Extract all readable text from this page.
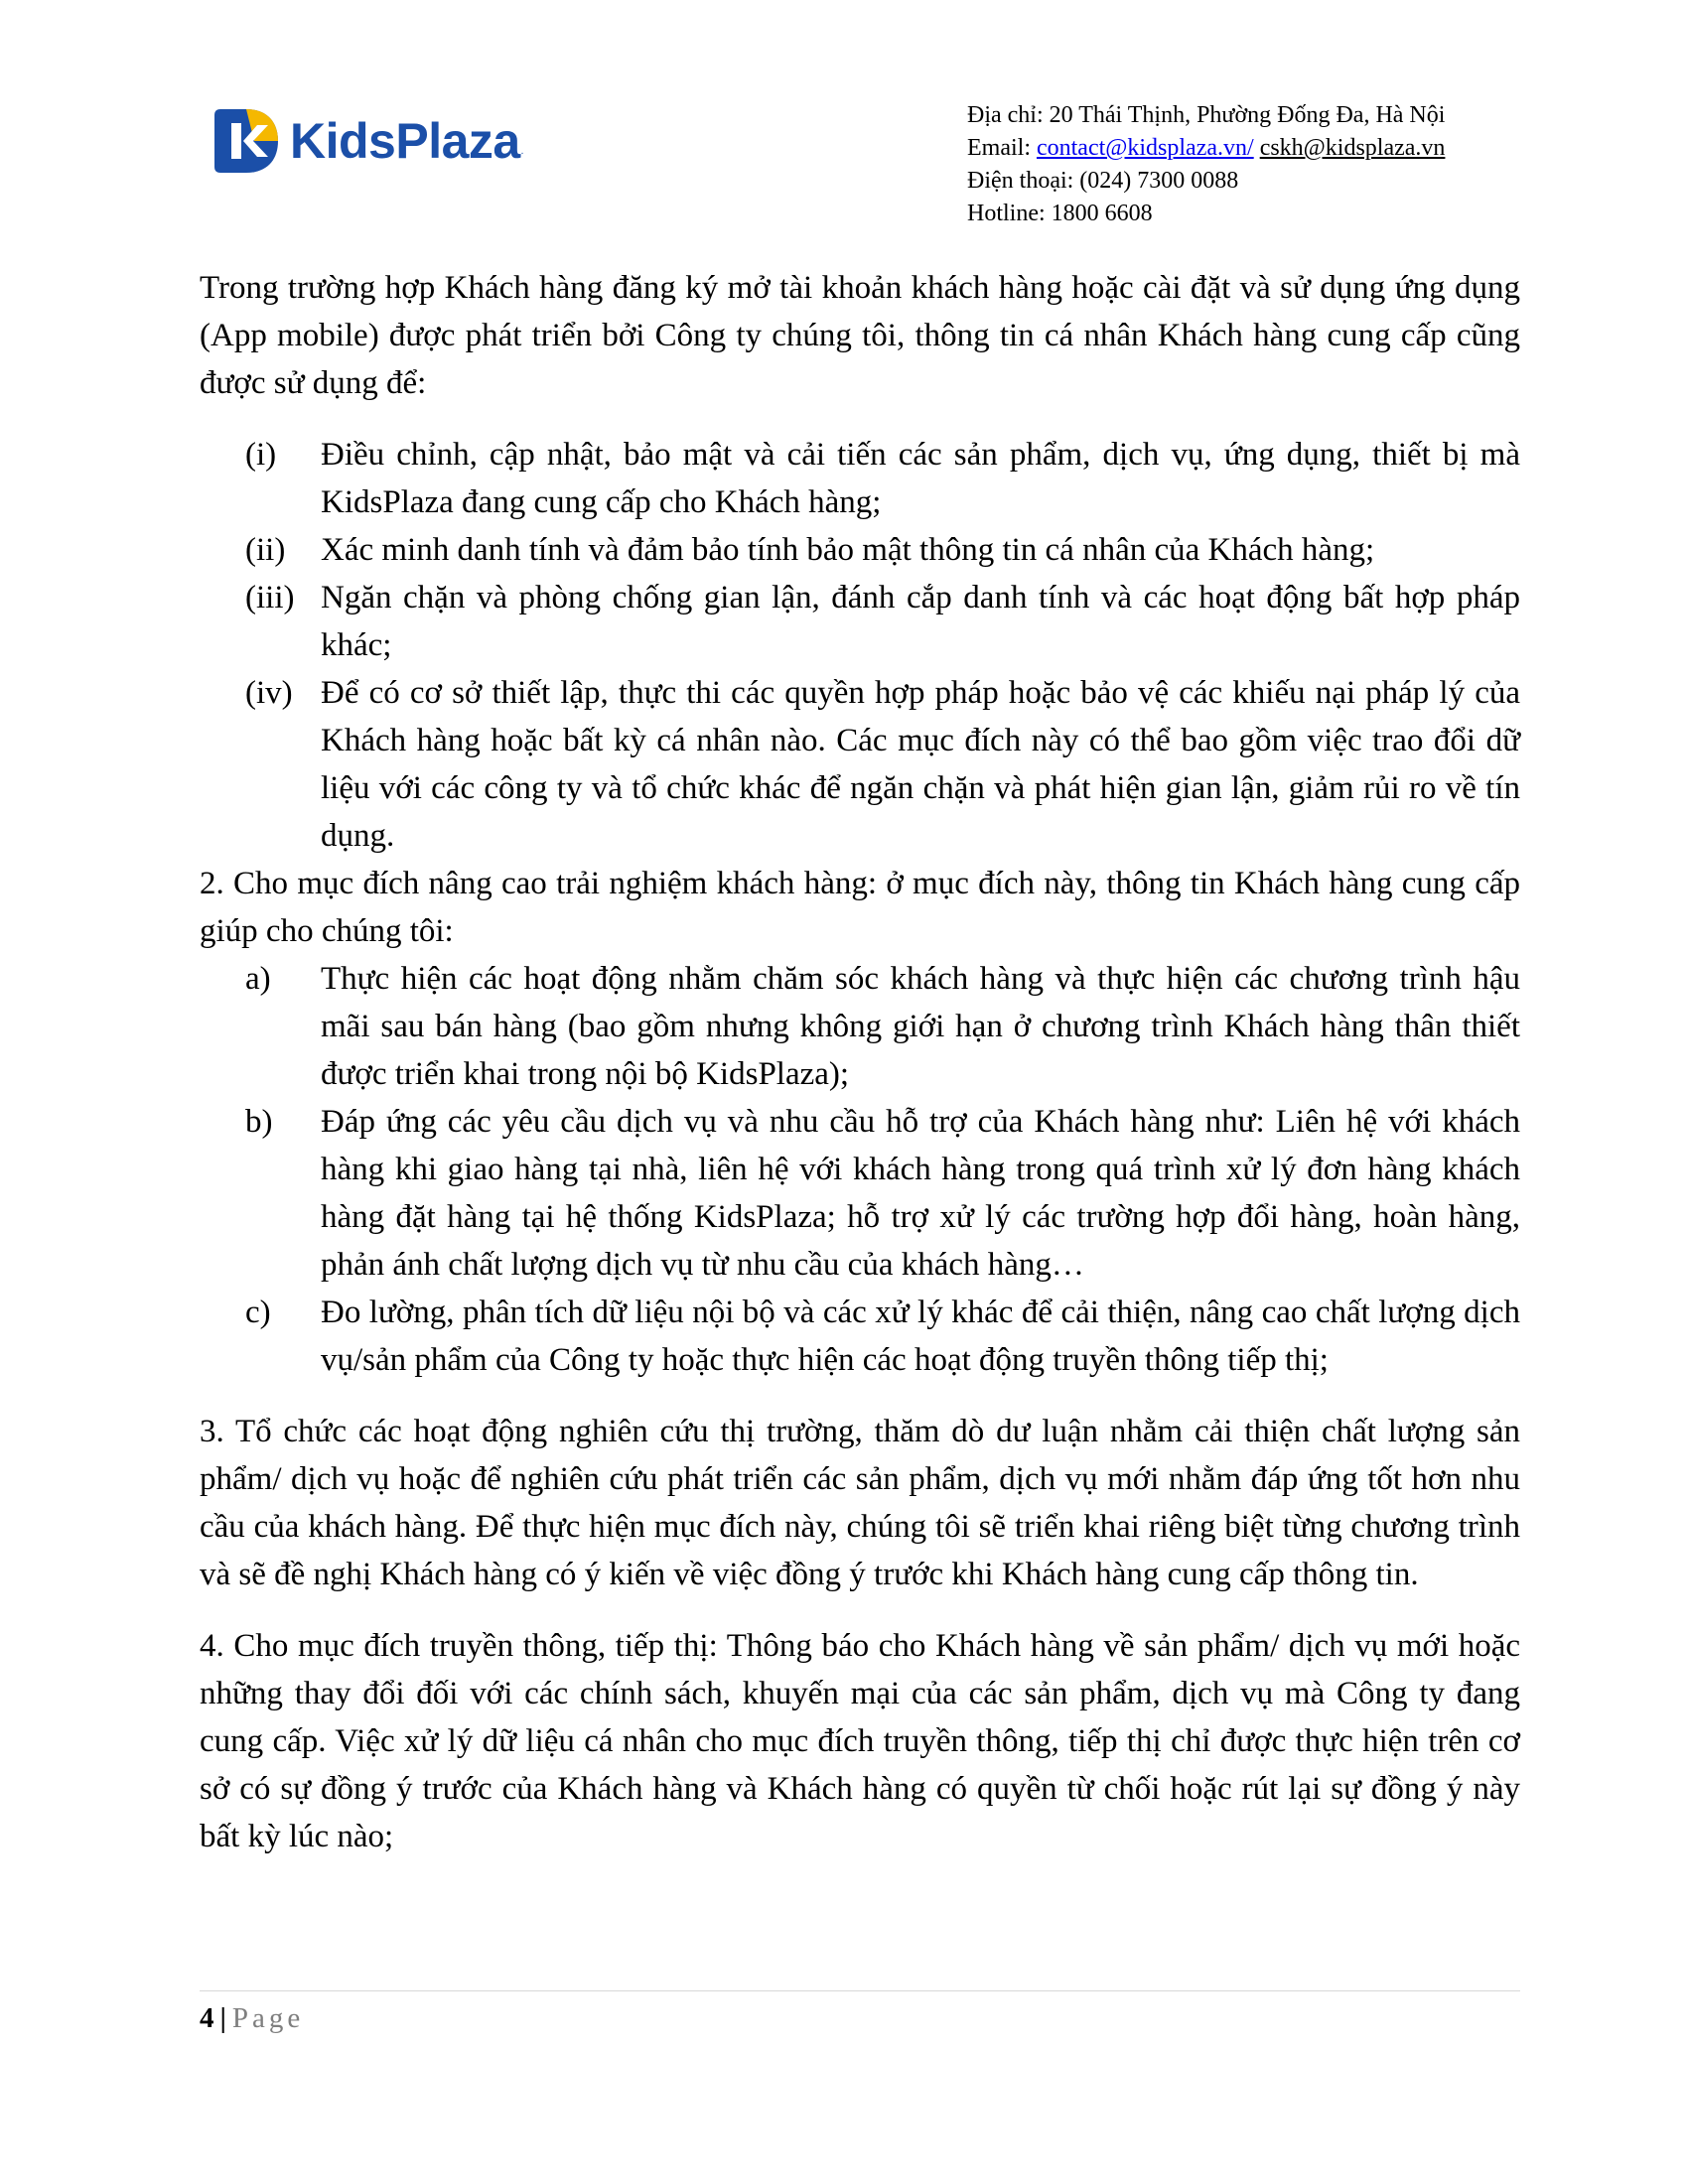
KidsPlaza .
Địa chỉ: 20 Thái Thịnh, Phường Đống Đa, Hà Nội
Email: contact@kidsplaza.vn/ cskh@kidsplaza.vn
Điện thoại: (024) 7300 0088
Hotline: 1800 6608

Trong trường hợp Khách hàng đăng ký mở tài khoản khách hàng hoặc cài đặt và sử dụng ứng dụng (App mobile) được phát triển bởi Công ty chúng tôi, thông tin cá nhân Khách hàng cung cấp cũng được sử dụng để:

(i)	Điều chỉnh, cập nhật, bảo mật và cải tiến các sản phẩm, dịch vụ, ứng dụng, thiết bị mà KidsPlaza đang cung cấp cho Khách hàng;
(ii)	Xác minh danh tính và đảm bảo tính bảo mật thông tin cá nhân của Khách hàng;
(iii) Ngăn chặn và phòng chống gian lận, đánh cắp danh tính và các hoạt động bất hợp pháp khác;
(iv) Để có cơ sở thiết lập, thực thi các quyền hợp pháp hoặc bảo vệ các khiếu nại pháp lý của Khách hàng hoặc bất kỳ cá nhân nào. Các mục đích này có thể bao gồm việc trao đổi dữ liệu với các công ty và tổ chức khác để ngăn chặn và phát hiện gian lận, giảm rủi ro về tín dụng.

2. Cho mục đích nâng cao trải nghiệm khách hàng: ở mục đích này, thông tin Khách hàng cung cấp giúp cho chúng tôi:

a)	Thực hiện các hoạt động nhằm chăm sóc khách hàng và thực hiện các chương trình hậu mãi sau bán hàng (bao gồm nhưng không giới hạn ở chương trình Khách hàng thân thiết được triển khai trong nội bộ KidsPlaza);
b)	Đáp ứng các yêu cầu dịch vụ và nhu cầu hỗ trợ của Khách hàng như: Liên hệ với khách hàng khi giao hàng tại nhà, liên hệ với khách hàng trong quá trình xử lý đơn hàng khách hàng đặt hàng tại hệ thống KidsPlaza; hỗ trợ xử lý các trường hợp đổi hàng, hoàn hàng, phản ánh chất lượng dịch vụ từ nhu cầu của khách hàng…
c)	Đo lường, phân tích dữ liệu nội bộ và các xử lý khác để cải thiện, nâng cao chất lượng dịch vụ/sản phẩm của Công ty hoặc thực hiện các hoạt động truyền thông tiếp thị;

3. Tổ chức các hoạt động nghiên cứu thị trường, thăm dò dư luận nhằm cải thiện chất lượng sản phẩm/ dịch vụ hoặc để nghiên cứu phát triển các sản phẩm, dịch vụ mới nhằm đáp ứng tốt hơn nhu cầu của khách hàng. Để thực hiện mục đích này, chúng tôi sẽ triển khai riêng biệt từng chương trình và sẽ đề nghị Khách hàng có ý kiến về việc đồng ý trước khi Khách hàng cung cấp thông tin.

4. Cho mục đích truyền thông, tiếp thị: Thông báo cho Khách hàng về sản phẩm/ dịch vụ mới hoặc những thay đổi đối với các chính sách, khuyến mại của các sản phẩm, dịch vụ mà Công ty đang cung cấp. Việc xử lý dữ liệu cá nhân cho mục đích truyền thông, tiếp thị chỉ được thực hiện trên cơ sở có sự đồng ý trước của Khách hàng và Khách hàng có quyền từ chối hoặc rút lại sự đồng ý này bất kỳ lúc nào;

4 | Page
